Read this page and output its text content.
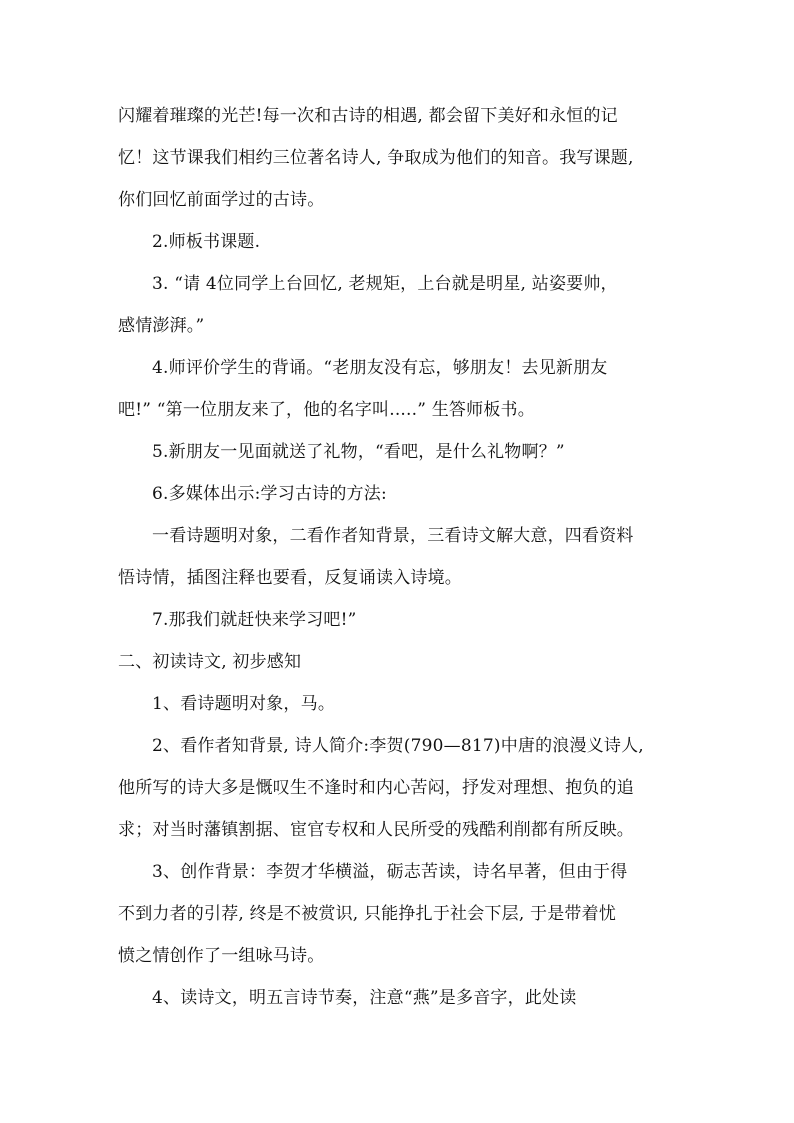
闪耀着璀璨的光芒!每一次和古诗的相遇, 都会留下美好和永恒的记
忆！这节课我们相约三位著名诗人, 争取成为他们的知音。我写课题,
你们回忆前面学过的古诗。
2.师板书课题.
3. “请 4位同学上台回忆, 老规矩，上台就是明星, 站姿要帅，
感情澎湃。”
4.师评价学生的背诵。“老朋友没有忘，够朋友！去见新朋友
吧!” “第一位朋友来了，他的名字叫.....” 生答师板书。
5.新朋友一见面就送了礼物，“看吧，是什么礼物啊？”
6.多媒体出示:学习古诗的方法:
一看诗题明对象，二看作者知背景，三看诗文解大意，四看资料
悟诗情，插图注释也要看，反复诵读入诗境。
7.那我们就赶快来学习吧!”
二、初读诗文, 初步感知
1、看诗题明对象，马。
2、看作者知背景, 诗人简介:李贺(790—817)中唐的浪漫义诗人,
他所写的诗大多是慨叹生不逢时和内心苦闷，抒发对理想、抱负的追
求；对当时藩镇割据、宦官专权和人民所受的残酷利削都有所反映。
3、创作背景：李贺才华横溢，砺志苦读，诗名早著，但由于得
不到力者的引荐, 终是不被赏识, 只能挣扎于社会下层, 于是带着忧
愤之情创作了一组咏马诗。
4、读诗文，明五言诗节奏，注意“燕”是多音字，此处读
